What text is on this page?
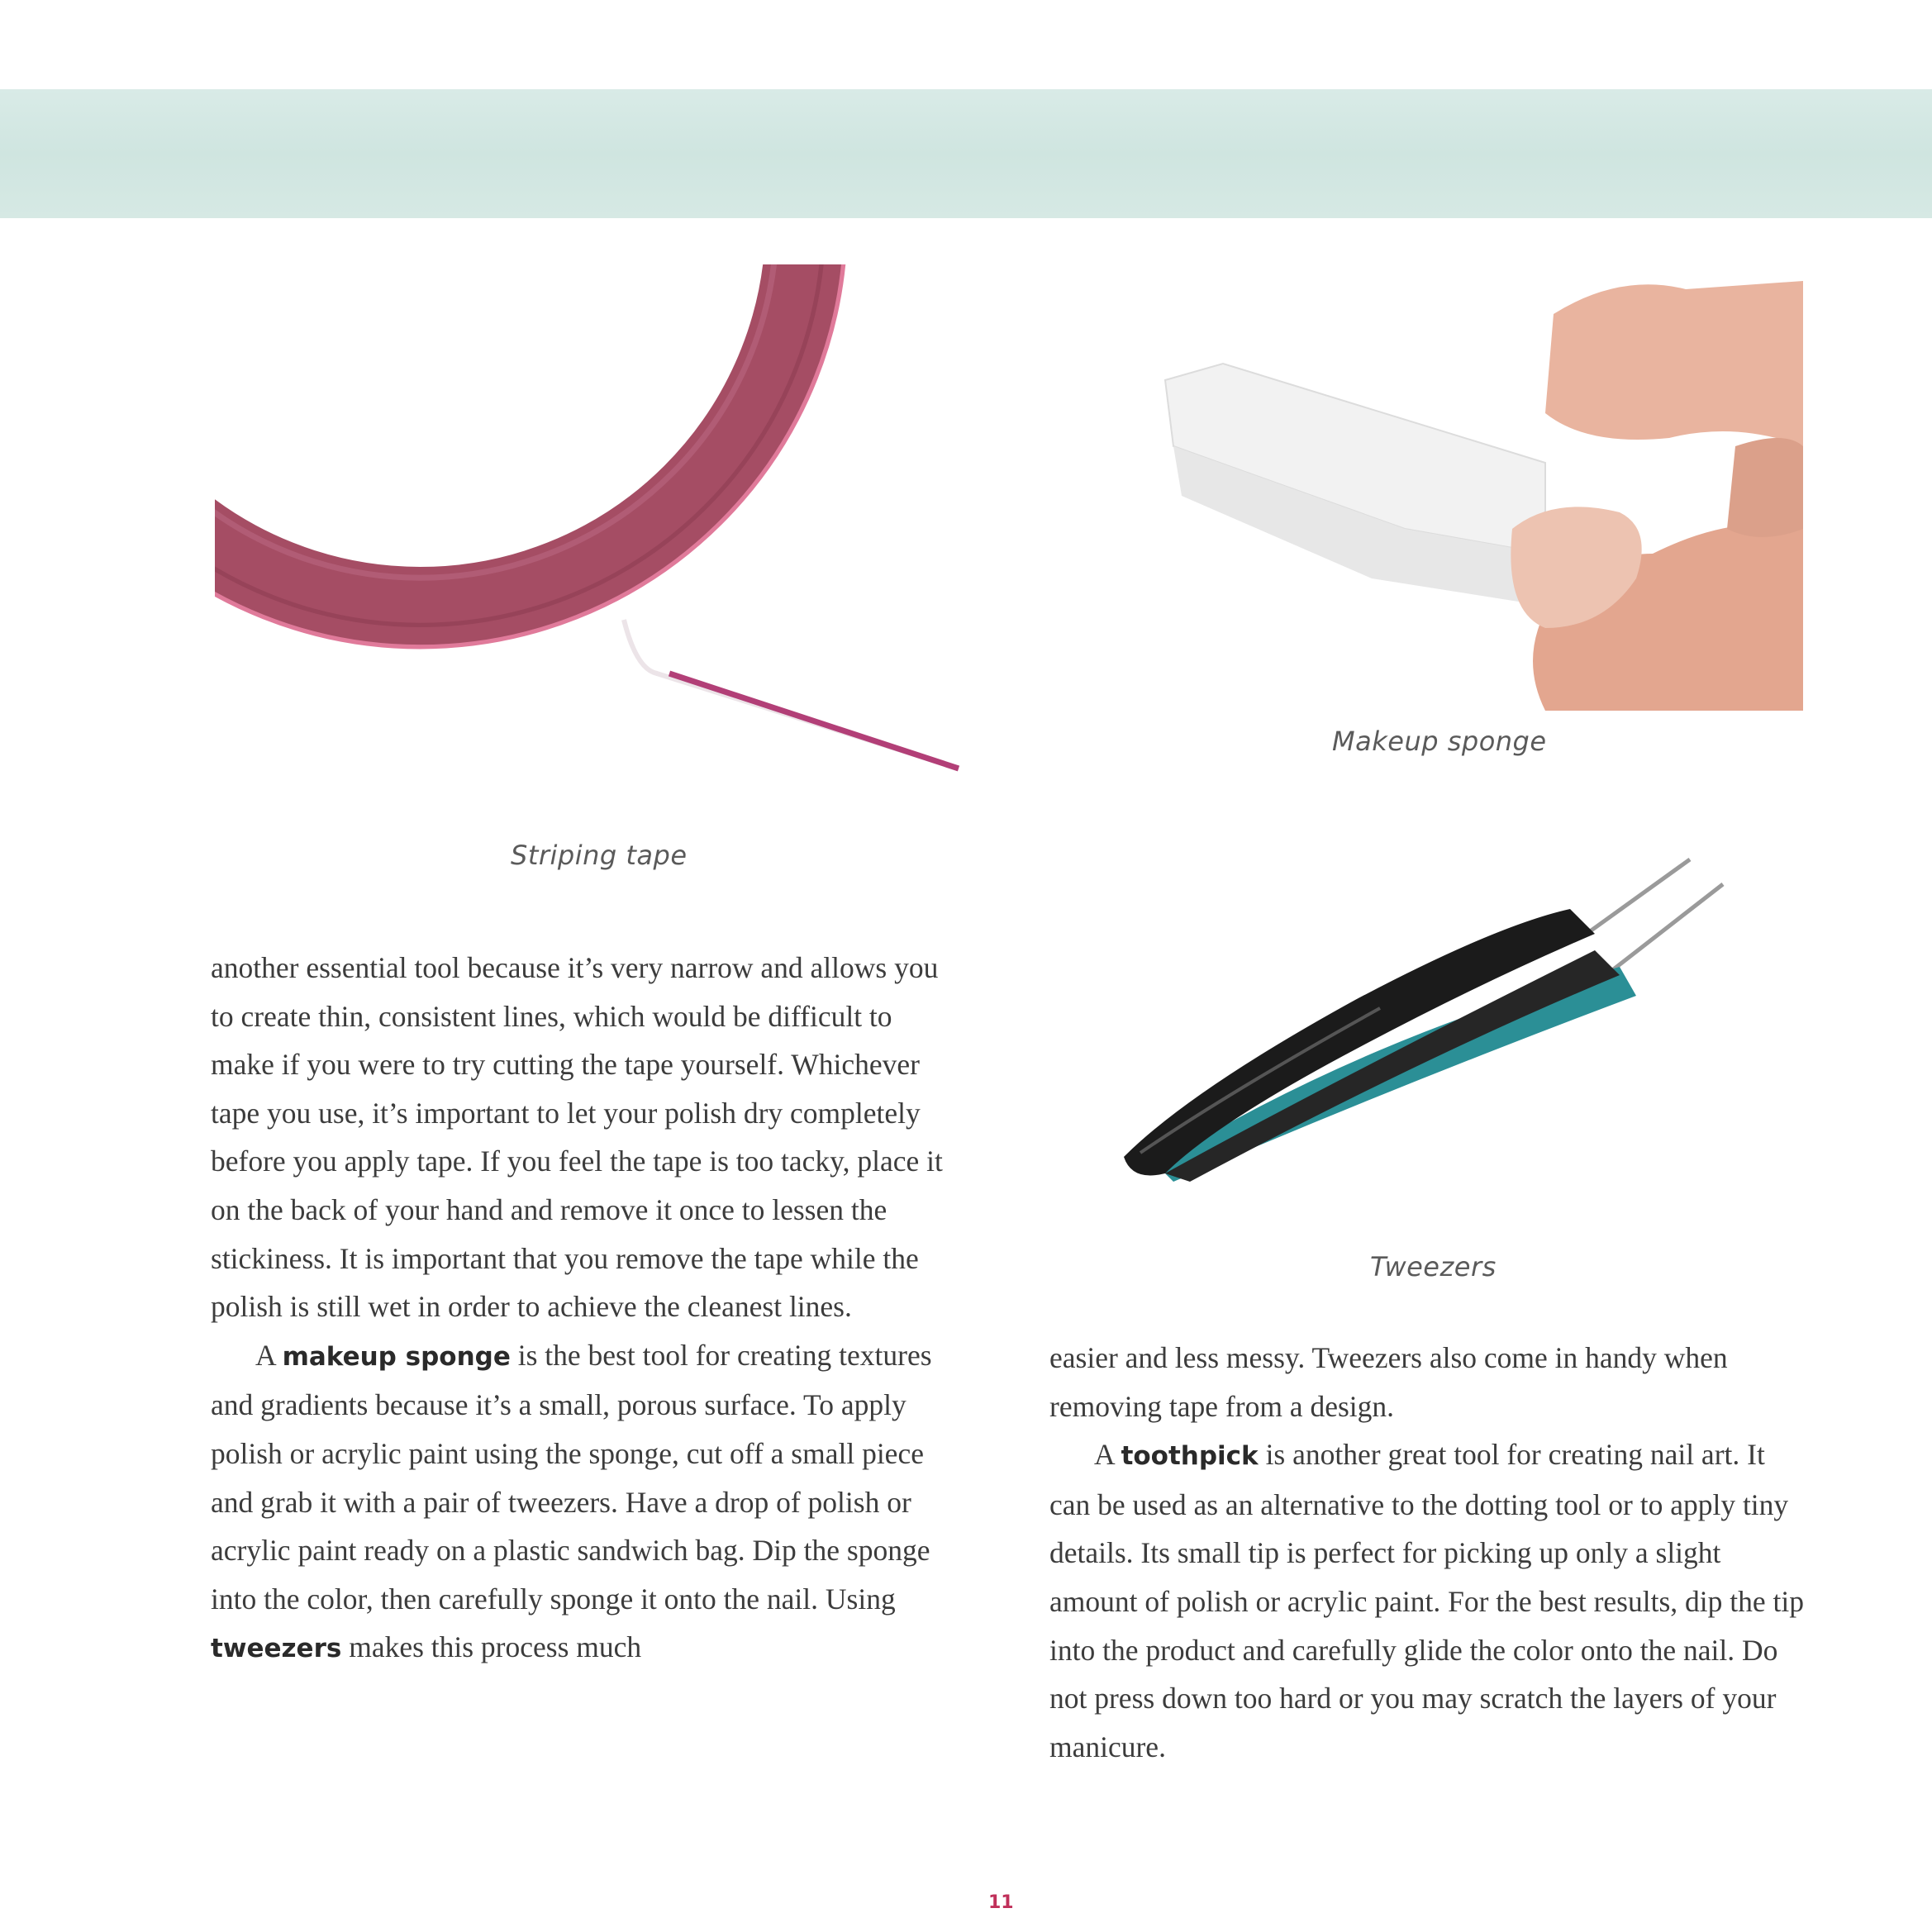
Striping tape
Makeup sponge
Tweezers

another essential tool because it’s very narrow and allows you to create thin, consistent lines, which would be difficult to make if you were to try cutting the tape yourself. Whichever tape you use, it’s important to let your polish dry completely before you apply tape. If you feel the tape is too tacky, place it on the back of your hand and remove it once to lessen the stickiness. It is important that you remove the tape while the polish is still wet in order to achieve the cleanest lines.

A makeup sponge is the best tool for creating textures and gradients because it’s a small, porous surface. To apply polish or acrylic paint using the sponge, cut off a small piece and grab it with a pair of tweezers. Have a drop of polish or acrylic paint ready on a plastic sandwich bag. Dip the sponge into the color, then carefully sponge it onto the nail. Using tweezers makes this process much

easier and less messy. Tweezers also come in handy when removing tape from a design.

A toothpick is another great tool for creating nail art. It can be used as an alternative to the dotting tool or to apply tiny details. Its small tip is perfect for picking up only a slight amount of polish or acrylic paint. For the best results, dip the tip into the product and carefully glide the color onto the nail. Do not press down too hard or you may scratch the layers of your manicure.

11
